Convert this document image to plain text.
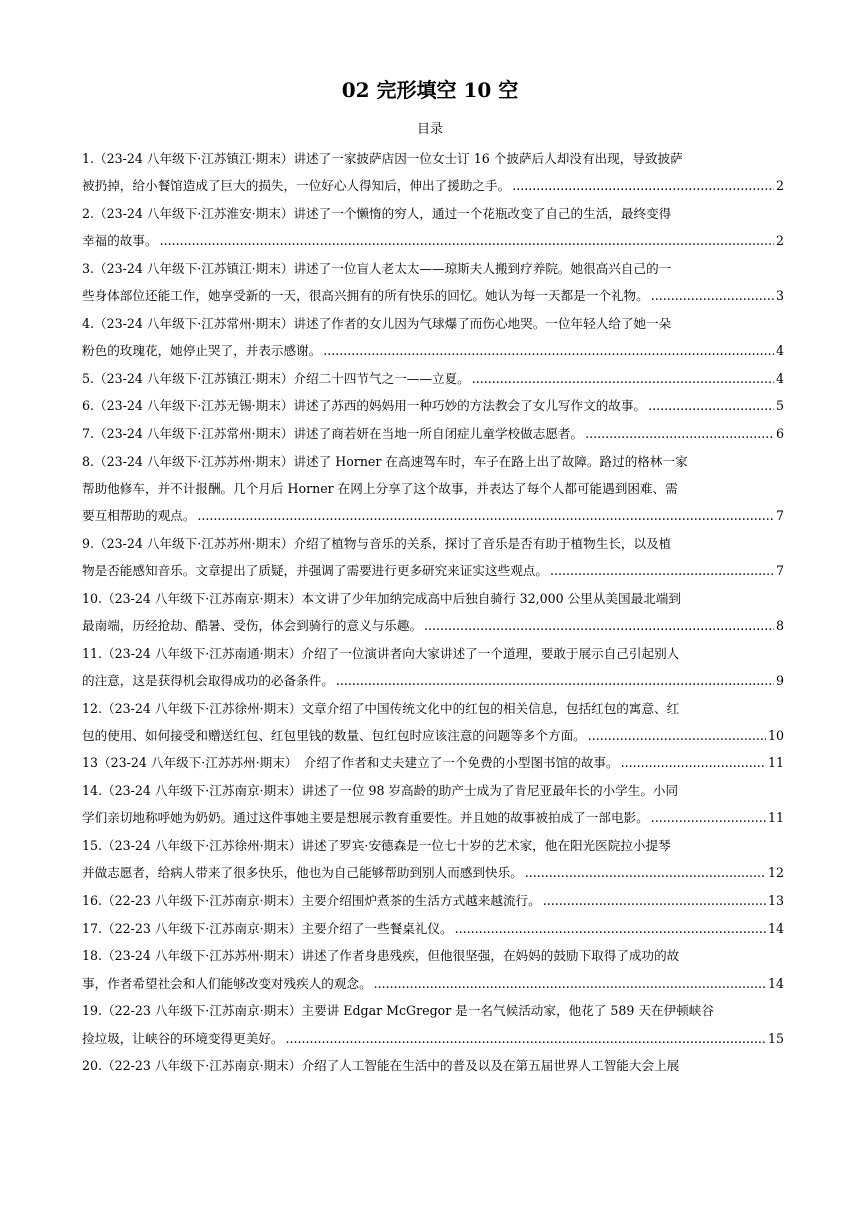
02 完形填空 10 空
目录
1.（23-24 八年级下·江苏镇江·期末）讲述了一家披萨店因一位女士订 16 个披萨后人却没有出现，导致披萨
被扔掉，给小餐馆造成了巨大的损失，一位好心人得知后，伸出了援助之手。 .....	2
2.（23-24 八年级下·江苏淮安·期末）讲述了一个懒惰的穷人，通过一个花瓶改变了自己的生活，最终变得
幸福的故事。 .....	2
3.（23-24 八年级下·江苏镇江·期末）讲述了一位盲人老太太——琼斯夫人搬到疗养院。她很高兴自己的一
些身体部位还能工作，她享受新的一天，很高兴拥有的所有快乐的回忆。她认为每一天都是一个礼物。 .....	3
4.（23-24 八年级下·江苏常州·期末）讲述了作者的女儿因为气球爆了而伤心地哭。一位年轻人给了她一朵
粉色的玫瑰花，她停止哭了，并表示感谢。 .....	4
5.（23-24 八年级下·江苏镇江·期末）介绍二十四节气之一——立夏。 .....	4
6.（23-24 八年级下·江苏无锡·期末）讲述了苏西的妈妈用一种巧妙的方法教会了女儿写作文的故事。 .....	5
7.（23-24 八年级下·江苏常州·期末）讲述了商若妍在当地一所自闭症儿童学校做志愿者。 .....	6
8.（23-24 八年级下·江苏苏州·期末）讲述了 Horner 在高速驾车时，车子在路上出了故障。路过的格林一家
帮助他修车，并不计报酬。几个月后 Horner 在网上分享了这个故事，并表达了每个人都可能遇到困难、需
要互相帮助的观点。 .....	7
9.（23-24 八年级下·江苏苏州·期末）介绍了植物与音乐的关系，探讨了音乐是否有助于植物生长，以及植
物是否能感知音乐。文章提出了质疑，并强调了需要进行更多研究来证实这些观点。 .....	7
10.（23-24 八年级下·江苏南京·期末）本文讲了少年加纳完成高中后独自骑行 32,000 公里从美国最北端到
最南端，历经抢劫、酷暑、受伤，体会到骑行的意义与乐趣。 .....	8
11.（23-24 八年级下·江苏南通·期末）介绍了一位演讲者向大家讲述了一个道理，要敢于展示自己引起别人
的注意，这是获得机会取得成功的必备条件。 .....	9
12.（23-24 八年级下·江苏徐州·期末）文章介绍了中国传统文化中的红包的相关信息，包括红包的寓意、红
包的使用、如何接受和赠送红包、红包里钱的数量、包红包时应该注意的问题等多个方面。 .....	10
13（23-24 八年级下·江苏苏州·期末）　介绍了作者和丈夫建立了一个免费的小型图书馆的故事。 .....	11
14.（23-24 八年级下·江苏南京·期末）讲述了一位 98 岁高龄的助产士成为了肯尼亚最年长的小学生。小同
学们亲切地称呼她为奶奶。通过这件事她主要是想展示教育重要性。并且她的故事被拍成了一部电影。 .....	11
15.（23-24 八年级下·江苏徐州·期末）讲述了罗宾·安德森是一位七十岁的艺术家，他在阳光医院拉小提琴
并做志愿者，给病人带来了很多快乐，他也为自己能够帮助到别人而感到快乐。 .....	12
16.（22-23 八年级下·江苏南京·期末）主要介绍围炉煮茶的生活方式越来越流行。 .....	13
17.（22-23 八年级下·江苏南京·期末）主要介绍了一些餐桌礼仪。 .....	14
18.（23-24 八年级下·江苏苏州·期末）讲述了作者身患残疾，但他很坚强，在妈妈的鼓励下取得了成功的故
事，作者希望社会和人们能够改变对残疾人的观念。 .....	14
19.（22-23 八年级下·江苏南京·期末）主要讲 Edgar McGregor 是一名气候活动家，他花了 589 天在伊顿峡谷
捡垃圾，让峡谷的环境变得更美好。 .....	15
20.（22-23 八年级下·江苏南京·期末）介绍了人工智能在生活中的普及以及在第五届世界人工智能大会上展
